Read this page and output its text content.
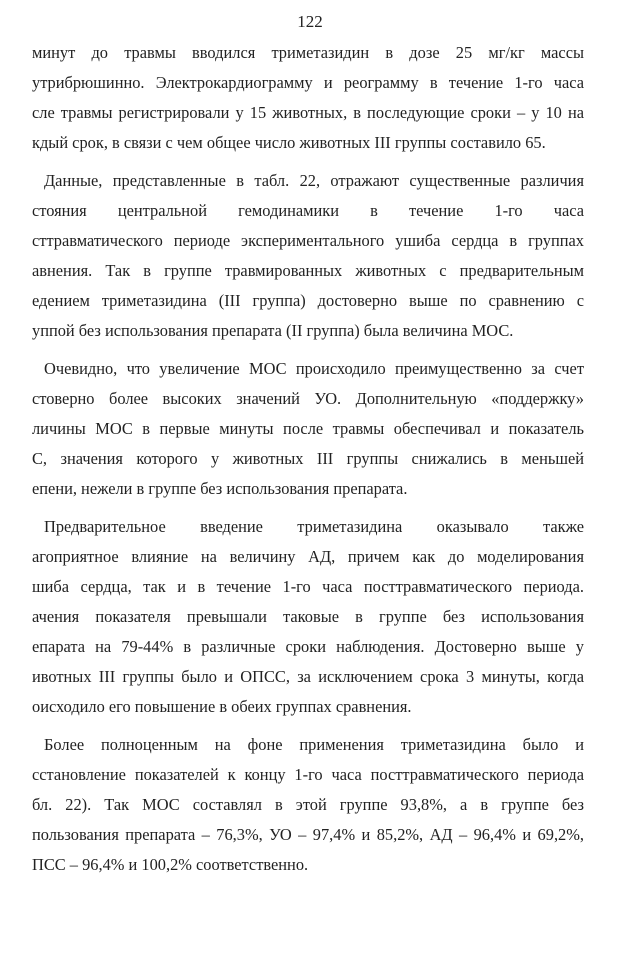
122
минут до травмы вводился триметазидин в дозе 25 мг/кг массы
утрибрюшинно. Электрокардиограмму и реограмму в течение 1-го часа
сле травмы регистрировали у 15 животных, в последующие сроки – у 10 на
кдый срок, в связи с чем общее число животных III группы составило 65.
Данные, представленные в табл. 22, отражают существенные различия
стояния центральной гемодинамики в течение 1-го часа
сттравматического периоде экспериментального ушиба сердца в группах
авнения. Так в группе травмированных животных с предварительным
едением триметазидина (III группа) достоверно выше по сравнению с
уппой без использования препарата (II группа) была величина МОС.
Очевидно, что увеличение МОС происходило преимущественно за счет
стоверно более высоких значений УО. Дополнительную «поддержку»
личины МОС в первые минуты после травмы обеспечивал и показатель
С, значения которого у животных III группы снижались в меньшей
епени, нежели в группе без использования препарата.
Предварительное введение триметазидина оказывало также
агоприятное влияние на величину АД, причем как до моделирования
шиба сердца, так и в течение 1-го часа посттравматического периода.
ачения показателя превышали таковые в группе без использования
епарата на 79-44% в различные сроки наблюдения. Достоверно выше у
ивотных III группы было и ОПСС, за исключением срока 3 минуты, когда
оисходило его повышение в обеих группах сравнения.
Более полноценным на фоне применения триметазидина было и
сстановление показателей к концу 1-го часа посттравматического периода
бл. 22). Так МОС составлял в этой группе 93,8%, а в группе без
пользования препарата – 76,3%, УО – 97,4% и 85,2%, АД – 96,4% и 69,2%,
ПСС – 96,4% и 100,2% соответственно.
